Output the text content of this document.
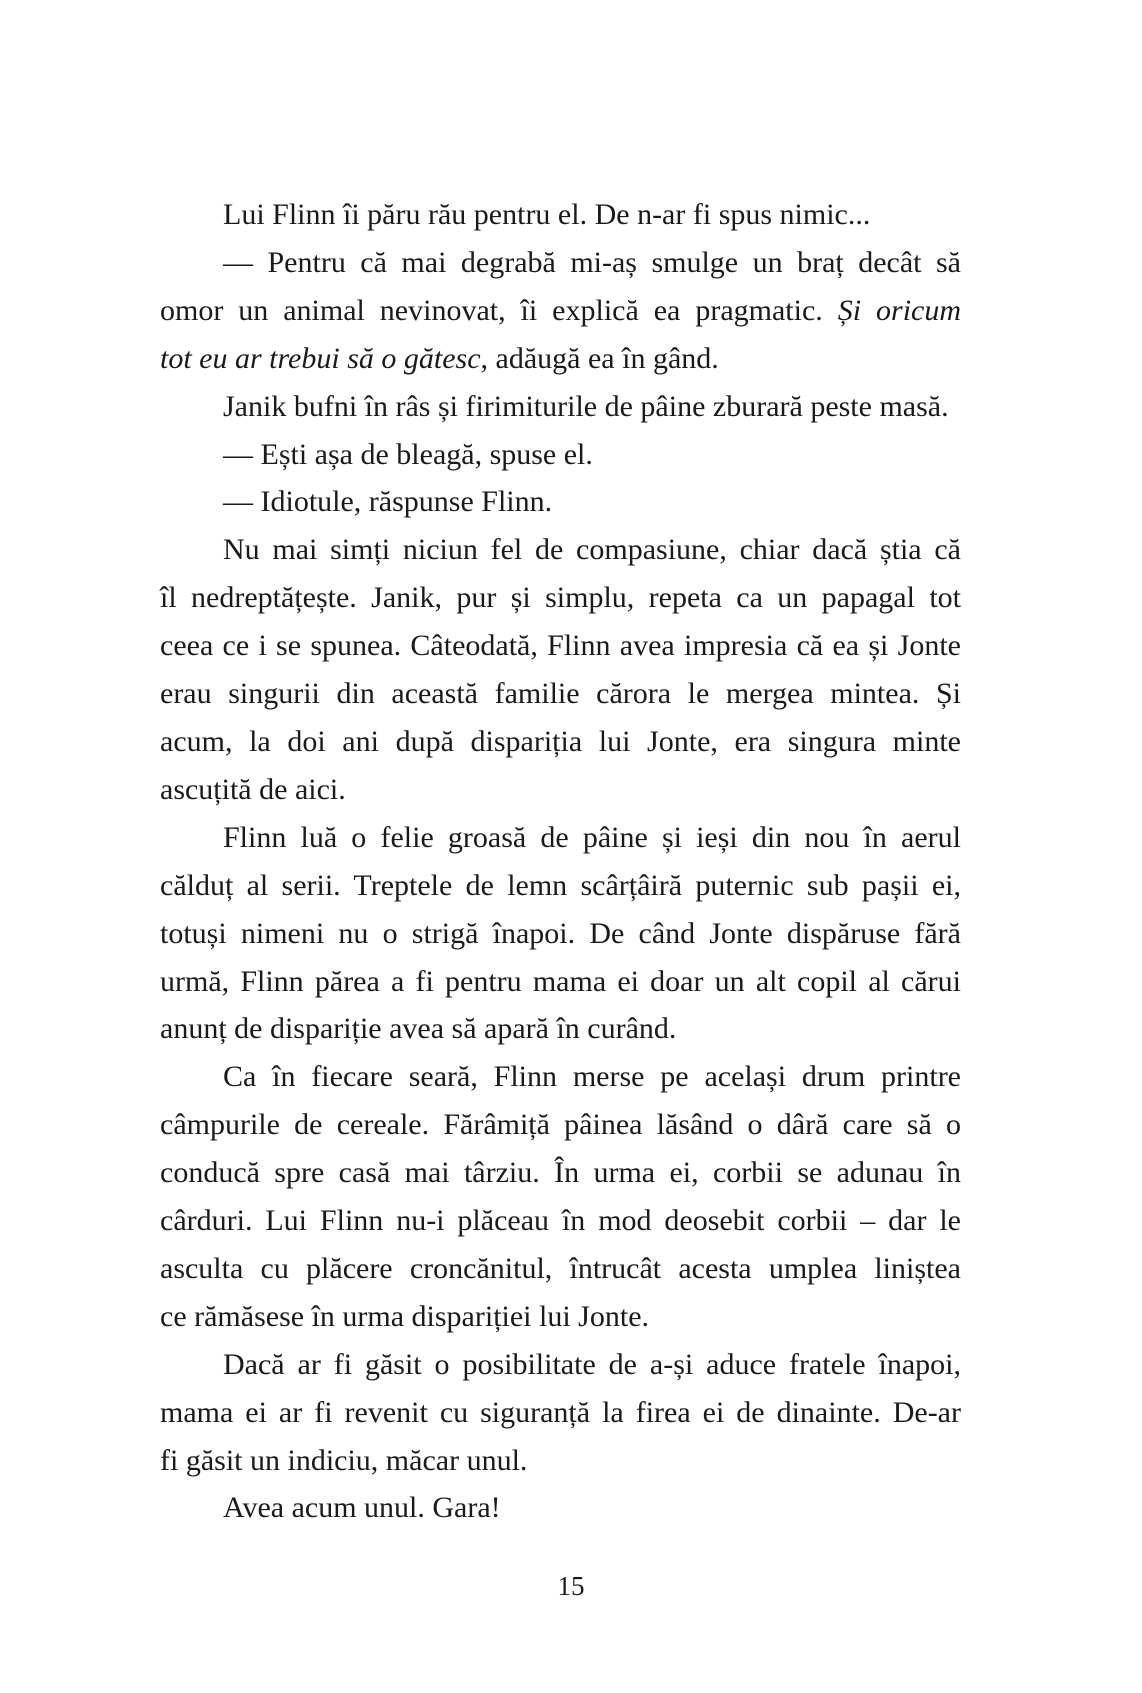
Lui Flinn îi păru rău pentru el. De n-ar fi spus nimic...
— Pentru că mai degrabă mi-aș smulge un braț decât să
omor un animal nevinovat, îi explică ea pragmatic. Și oricum
tot eu ar trebui să o gătesc, adăugă ea în gând.
Janik bufni în râs și firimiturile de pâine zburară peste masă.
— Ești așa de bleagă, spuse el.
— Idiotule, răspunse Flinn.
Nu mai simți niciun fel de compasiune, chiar dacă știa că
îl nedreptățește. Janik, pur și simplu, repeta ca un papagal tot
ceea ce i se spunea. Câteodată, Flinn avea impresia că ea și Jonte
erau singurii din această familie cărora le mergea mintea. Și
acum, la doi ani după dispariția lui Jonte, era singura minte
ascuțită de aici.
Flinn luă o felie groasă de pâine și ieși din nou în aerul
călduț al serii. Treptele de lemn scârțâiră puternic sub pașii ei,
totuși nimeni nu o strigă înapoi. De când Jonte dispăruse fără
urmă, Flinn părea a fi pentru mama ei doar un alt copil al cărui
anunț de dispariție avea să apară în curând.
Ca în fiecare seară, Flinn merse pe același drum printre
câmpurile de cereale. Fărâmiță pâinea lăsând o dâră care să o
conducă spre casă mai târziu. În urma ei, corbii se adunau în
cârduri. Lui Flinn nu-i plăceau în mod deosebit corbii – dar le
asculta cu plăcere croncănitul, întrucât acesta umplea liniștea
ce rămăsese în urma dispariției lui Jonte.
Dacă ar fi găsit o posibilitate de a-și aduce fratele înapoi,
mama ei ar fi revenit cu siguranță la firea ei de dinainte. De-ar
fi găsit un indiciu, măcar unul.
Avea acum unul. Gara!
15
